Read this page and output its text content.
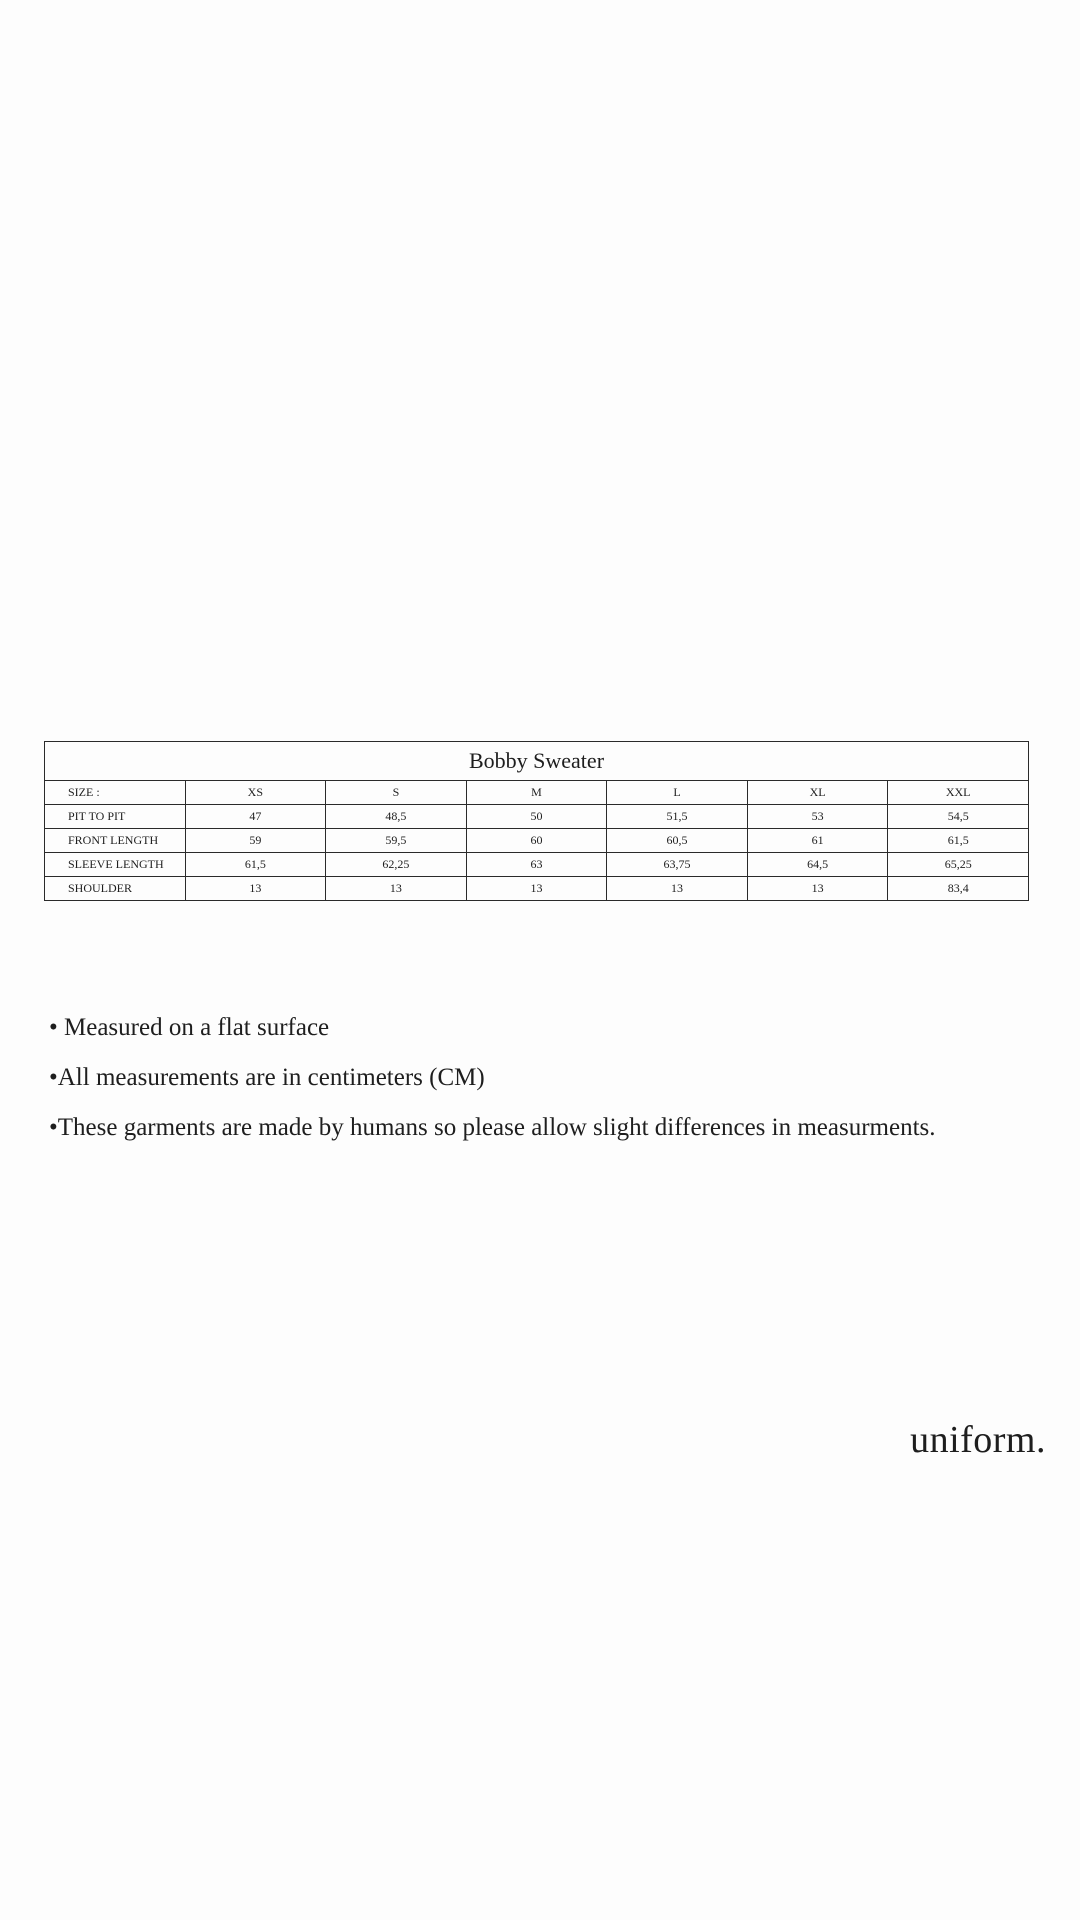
Bobby Sweater						
SIZE :	XS	S	M	L	XL	XXL
PIT TO PIT	47	48,5	50	51,5	53	54,5
FRONT LENGTH	59	59,5	60	60,5	61	61,5
SLEEVE LENGTH	61,5	62,25	63	63,75	64,5	65,25
SHOULDER	13	13	13	13	13	83,4

• Measured on a flat surface

•All measurements are in centimeters (CM)

•These garments are made by humans so please allow slight differences in measurments.

uniform.
